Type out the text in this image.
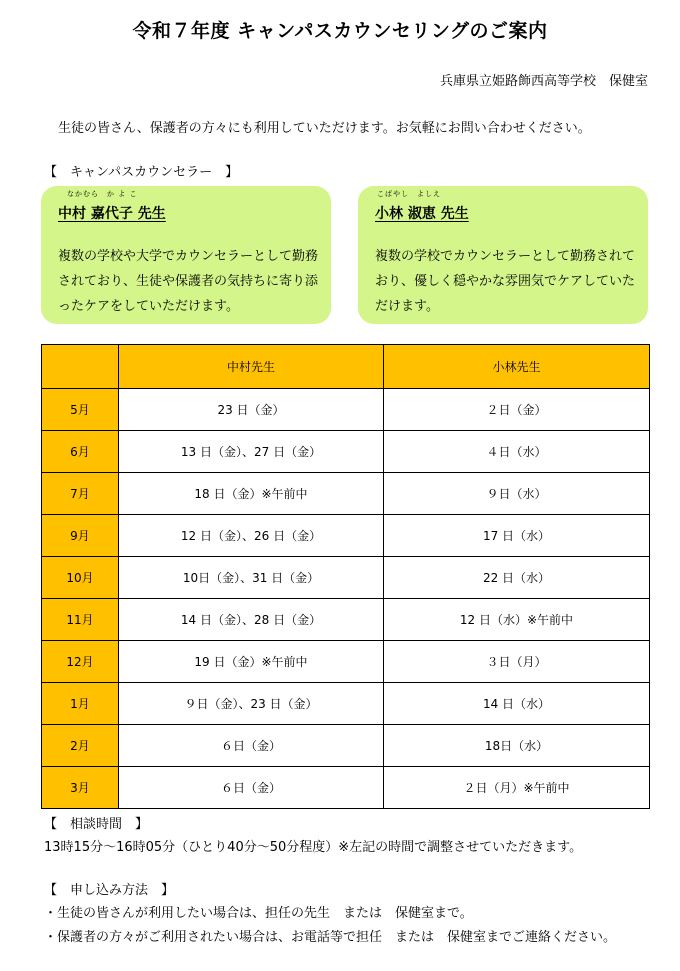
令和７年度 キャンパスカウンセリングのご案内
兵庫県立姫路飾西高等学校　保健室
生徒の皆さん、保護者の方々にも利用していただけます。お気軽にお問い合わせください。
【　キャンパスカウンセラー　】
なかむら　か よ こ
中村 嘉代子 先生
複数の学校や大学でカウンセラーとして勤務されており、生徒や保護者の気持ちに寄り添ったケアをしていただけます。
こばやし　よしえ
小林 淑恵 先生
複数の学校でカウンセラーとして勤務されており、優しく穏やかな雰囲気でケアしていただけます。
	中村先生	小林先生
5月	23 日（金）	２日（金）
6月	13 日（金）、27 日（金）	４日（水）
7月	18 日（金）※午前中	９日（水）
9月	12 日（金）、26 日（金）	17 日（水）
10月	10日（金）、31 日（金）	22 日（水）
11月	14 日（金）、28 日（金）	12 日（水）※午前中
12月	19 日（金）※午前中	３日（月）
1月	９日（金）、23 日（金）	14 日（水）
2月	６日（金）	18日（水）
3月	６日（金）	２日（月）※午前中
【　相談時間　】
13時15分～16時05分（ひとり40分～50分程度）※左記の時間で調整させていただきます。
【　申し込み方法　】
・生徒の皆さんが利用したい場合は、担任の先生　または　保健室まで。
・保護者の方々がご利用されたい場合は、お電話等で担任　または　保健室までご連絡ください。
